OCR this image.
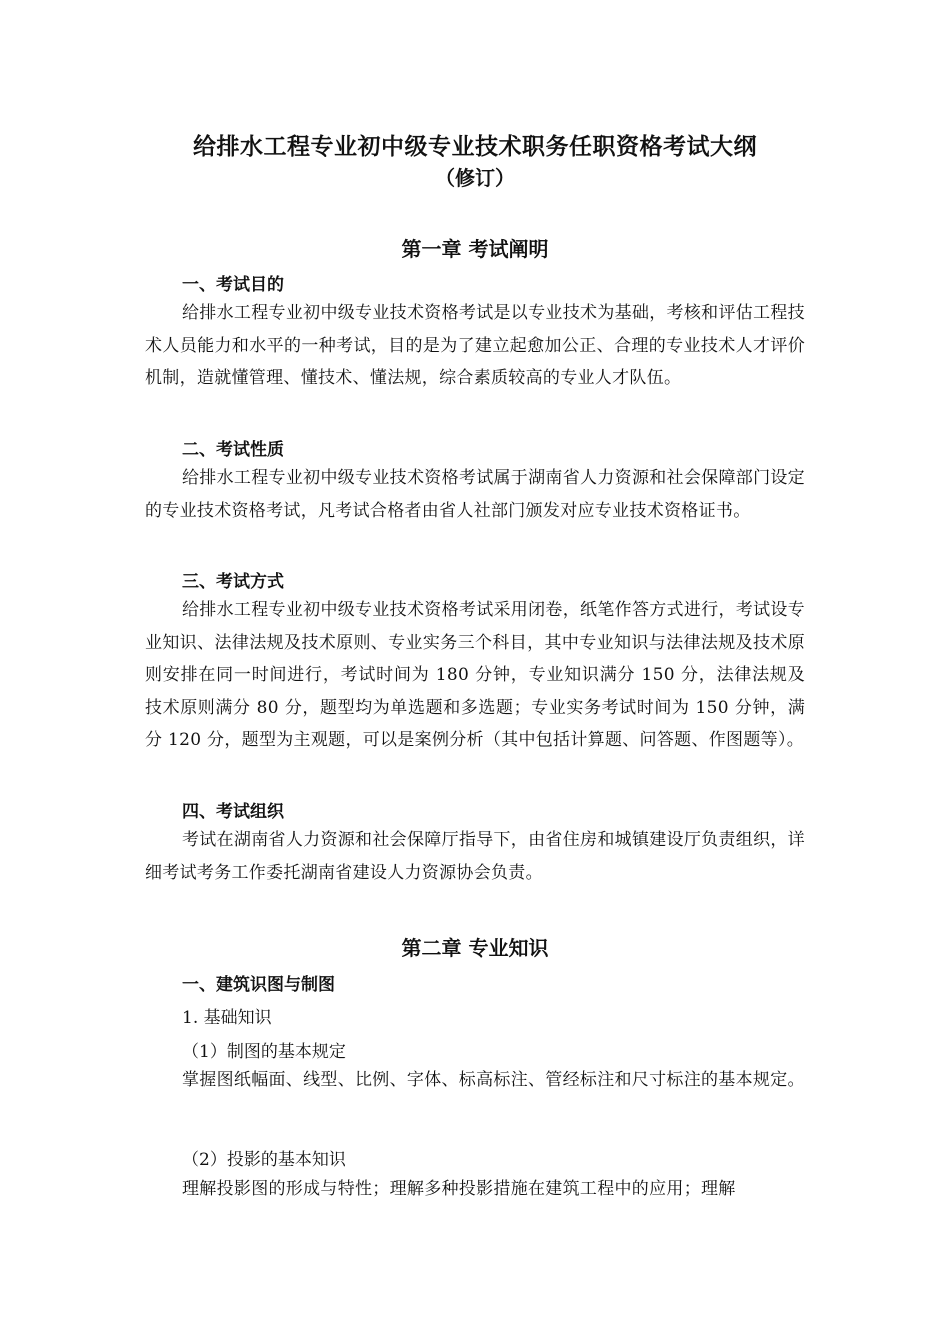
给排水工程专业初中级专业技术职务任职资格考试大纲
（修订）
第一章 考试阐明
一、考试目的
给排水工程专业初中级专业技术资格考试是以专业技术为基础，考核和评估工程技术人员能力和水平的一种考试，目的是为了建立起愈加公正、合理的专业技术人才评价机制，造就懂管理、懂技术、懂法规，综合素质较高的专业人才队伍。
二、考试性质
给排水工程专业初中级专业技术资格考试属于湖南省人力资源和社会保障部门设定的专业技术资格考试，凡考试合格者由省人社部门颁发对应专业技术资格证书。
三、考试方式
给排水工程专业初中级专业技术资格考试采用闭卷，纸笔作答方式进行，考试设专业知识、法律法规及技术原则、专业实务三个科目，其中专业知识与法律法规及技术原则安排在同一时间进行，考试时间为 180 分钟，专业知识满分 150 分，法律法规及技术原则满分 80 分，题型均为单选题和多选题；专业实务考试时间为 150 分钟，满分 120 分，题型为主观题，可以是案例分析（其中包括计算题、问答题、作图题等）。
四、考试组织
考试在湖南省人力资源和社会保障厅指导下，由省住房和城镇建设厅负责组织，详细考试考务工作委托湖南省建设人力资源协会负责。
第二章 专业知识
一、建筑识图与制图
1. 基础知识
（1）制图的基本规定
掌握图纸幅面、线型、比例、字体、标高标注、管经标注和尺寸标注的基本规定。
（2）投影的基本知识
理解投影图的形成与特性；理解多种投影措施在建筑工程中的应用；理解
